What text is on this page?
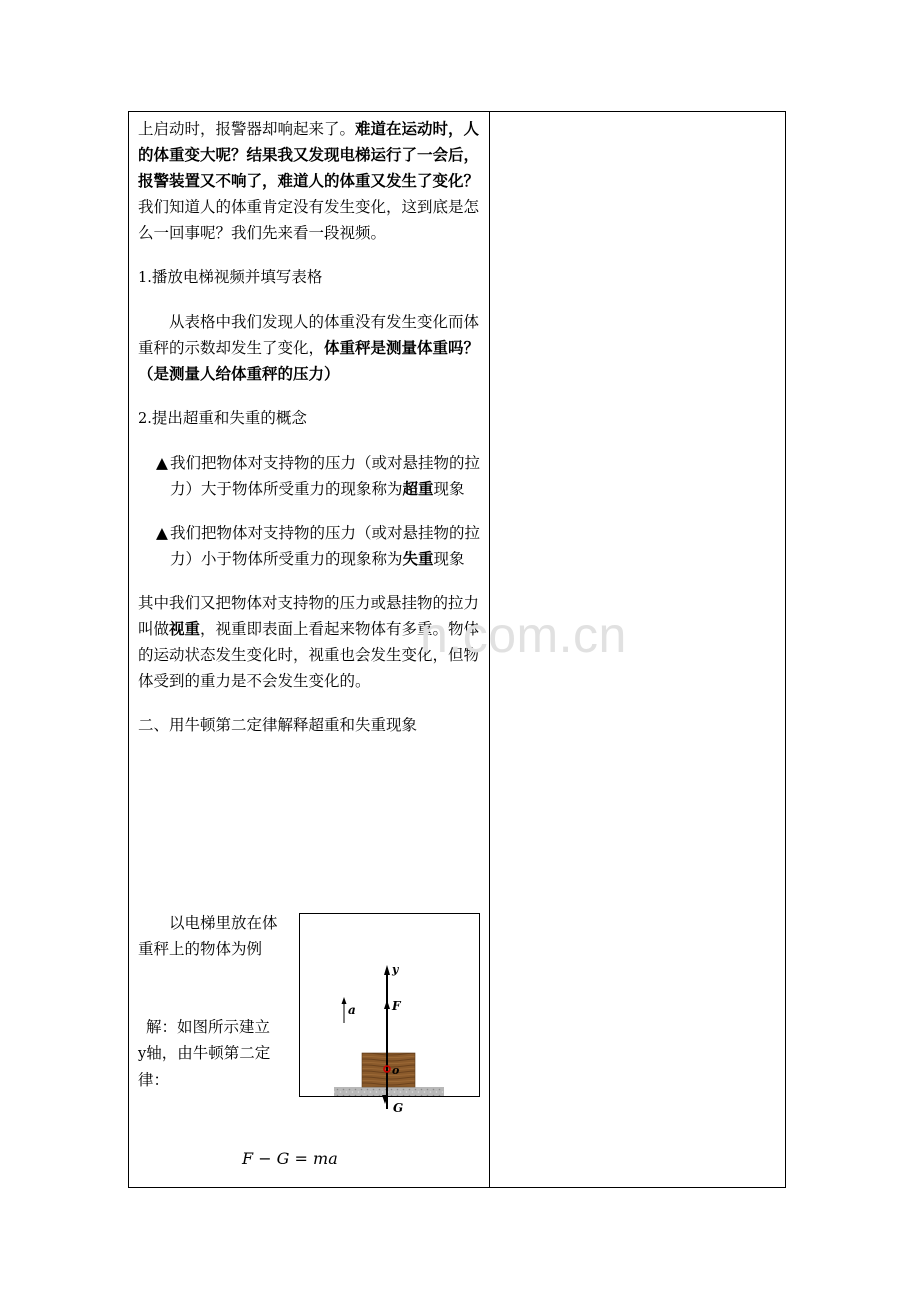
上启动时，报警器却响起来了。难道在运动时，人的体重变大呢？结果我又发现电梯运行了一会后，报警装置又不响了，难道人的体重又发生了变化？我们知道人的体重肯定没有发生变化，这到底是怎么一回事呢？我们先来看一段视频。

1.播放电梯视频并填写表格

从表格中我们发现人的体重没有发生变化而体重秤的示数却发生了变化，体重秤是测量体重吗？（是测量人给体重秤的压力）

2.提出超重和失重的概念

▲ 我们把物体对支持物的压力（或对悬挂物的拉力）大于物体所受重力的现象称为超重现象
▲ 我们把物体对支持物的压力（或对悬挂物的拉力）小于物体所受重力的现象称为失重现象

其中我们又把物体对支持物的压力或悬挂物的拉力叫做视重，视重即表面上看起来物体有多重。物体的运动状态发生变化时，视重也会发生变化，但物体受到的重力是不会发生变化的。

二、用牛顿第二定律解释超重和失重现象

以电梯里放在体重秤上的物体为例

解：如图所示建立

y轴，由牛顿第二定律：

y
F
a
o
G
F − G = ma
n.com.cn
